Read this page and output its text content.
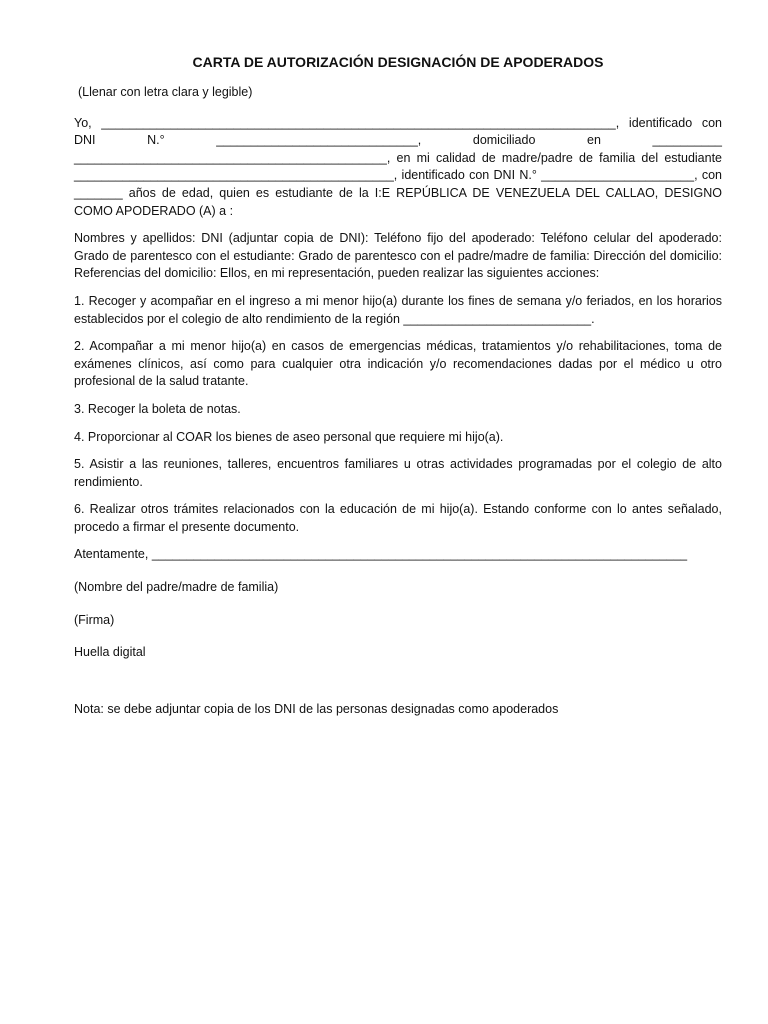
CARTA DE AUTORIZACIÓN DESIGNACIÓN DE APODERADOS
(Llenar con letra clara y legible)

Yo, __________________________________________________________________________, identificado con DNI N.° _____________________________, domiciliado en __________ _____________________________________________, en mi calidad de madre/padre de familia del estudiante ______________________________________________, identificado con DNI N.° ______________________, con _______ años de edad, quien es estudiante de la I:E REPÚBLICA DE VENEZUELA DEL CALLAO, DESIGNO COMO APODERADO (A) a :

Nombres y apellidos: DNI (adjuntar copia de DNI): Teléfono fijo del apoderado: Teléfono celular del apoderado: Grado de parentesco con el estudiante: Grado de parentesco con el padre/madre de familia: Dirección del domicilio: Referencias del domicilio: Ellos, en mi representación, pueden realizar las siguientes acciones:

1. Recoger y acompañar en el ingreso a mi menor hijo(a) durante los fines de semana y/o feriados, en los horarios establecidos por el colegio de alto rendimiento de la región ___________________________.

2. Acompañar a mi menor hijo(a) en casos de emergencias médicas, tratamientos y/o rehabilitaciones, toma de exámenes clínicos, así como para cualquier otra indicación y/o recomendaciones dadas por el médico u otro profesional de la salud tratante.

3. Recoger la boleta de notas.

4. Proporcionar al COAR los bienes de aseo personal que requiere mi hijo(a).

5. Asistir a las reuniones, talleres, encuentros familiares u otras actividades programadas por el colegio de alto rendimiento.

6. Realizar otros trámites relacionados con la educación de mi hijo(a). Estando conforme con lo antes señalado, procedo a firmar el presente documento.

Atentamente, _____________________________________________________________________________

(Nombre del padre/madre de familia)

(Firma)

Huella digital

Nota: se debe adjuntar copia de los DNI de las personas designadas como apoderados
